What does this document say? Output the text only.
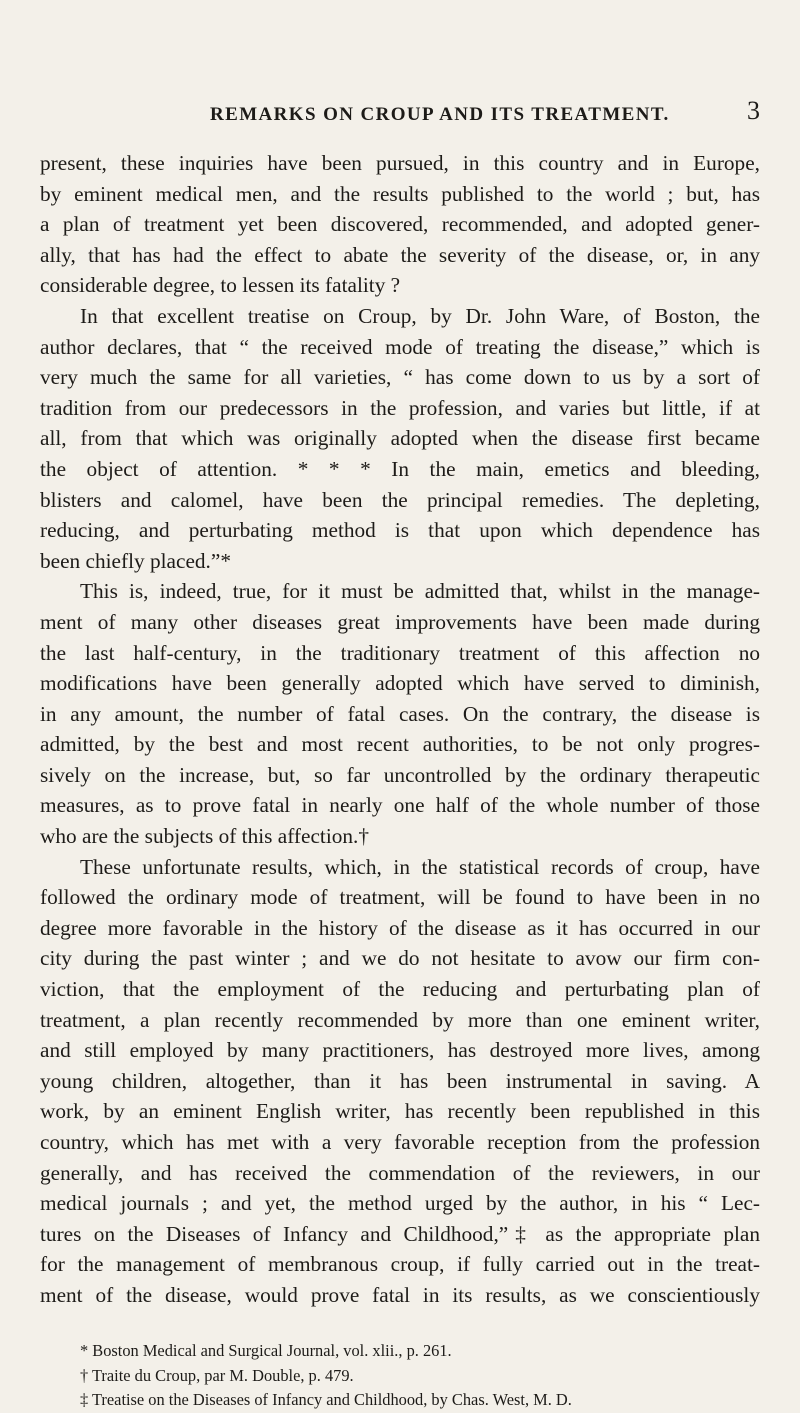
REMARKS ON CROUP AND ITS TREATMENT.	3
present, these inquiries have been pursued, in this country and in Europe,
by eminent medical men, and the results published to the world ; but, has
a plan of treatment yet been discovered, recommended, and adopted gener-
ally, that has had the effect to abate the severity of the disease, or, in any
considerable degree, to lessen its fatality ?
In that excellent treatise on Croup, by Dr. John Ware, of Boston, the
author declares, that “ the received mode of treating the disease,” which is
very much the same for all varieties, “ has come down to us by a sort of
tradition from our predecessors in the profession, and varies but little, if at
all, from that which was originally adopted when the disease first became
the object of attention. * * * In the main, emetics and bleeding,
blisters and calomel, have been the principal remedies. The depleting,
reducing, and perturbating method is that upon which dependence has
been chiefly placed.”*
This is, indeed, true, for it must be admitted that, whilst in the manage-
ment of many other diseases great improvements have been made during
the last half-century, in the traditionary treatment of this affection no
modifications have been generally adopted which have served to diminish,
in any amount, the number of fatal cases. On the contrary, the disease is
admitted, by the best and most recent authorities, to be not only progres-
sively on the increase, but, so far uncontrolled by the ordinary therapeutic
measures, as to prove fatal in nearly one half of the whole number of those
who are the subjects of this affection.†
These unfortunate results, which, in the statistical records of croup, have
followed the ordinary mode of treatment, will be found to have been in no
degree more favorable in the history of the disease as it has occurred in our
city during the past winter ; and we do not hesitate to avow our firm con-
viction, that the employment of the reducing and perturbating plan of
treatment, a plan recently recommended by more than one eminent writer,
and still employed by many practitioners, has destroyed more lives, among
young children, altogether, than it has been instrumental in saving. A
work, by an eminent English writer, has recently been republished in this
country, which has met with a very favorable reception from the profession
generally, and has received the commendation of the reviewers, in our
medical journals ; and yet, the method urged by the author, in his “ Lec-
tures on the Diseases of Infancy and Childhood,”‡ as the appropriate plan
for the management of membranous croup, if fully carried out in the treat-
ment of the disease, would prove fatal in its results, as we conscientiously
* Boston Medical and Surgical Journal, vol. xlii., p. 261.
† Traite du Croup, par M. Double, p. 479.
‡ Treatise on the Diseases of Infancy and Childhood, by Chas. West, M. D.
